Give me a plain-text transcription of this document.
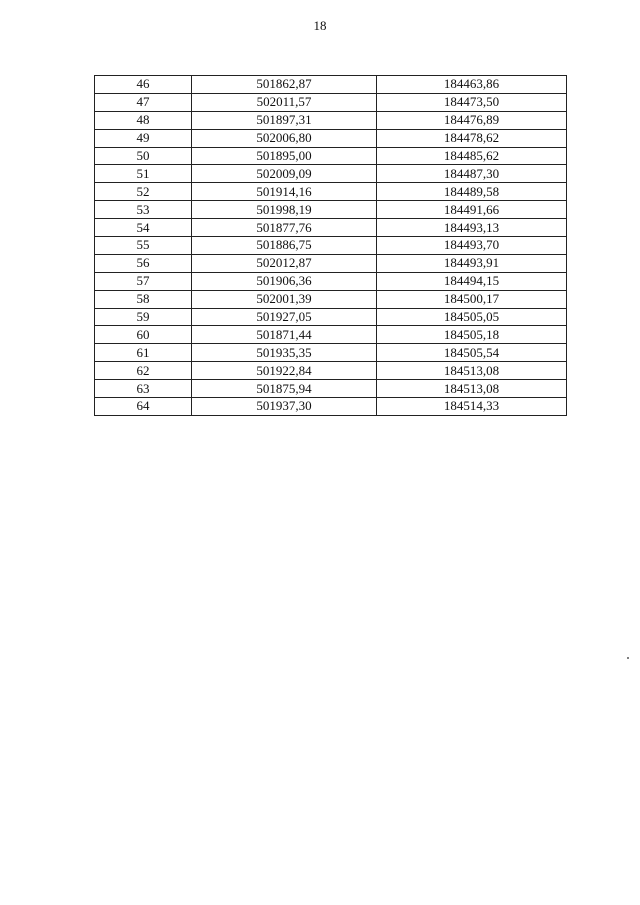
18
46	501862,87	184463,86
47	502011,57	184473,50
48	501897,31	184476,89
49	502006,80	184478,62
50	501895,00	184485,62
51	502009,09	184487,30
52	501914,16	184489,58
53	501998,19	184491,66
54	501877,76	184493,13
55	501886,75	184493,70
56	502012,87	184493,91
57	501906,36	184494,15
58	502001,39	184500,17
59	501927,05	184505,05
60	501871,44	184505,18
61	501935,35	184505,54
62	501922,84	184513,08
63	501875,94	184513,08
64	501937,30	184514,33
